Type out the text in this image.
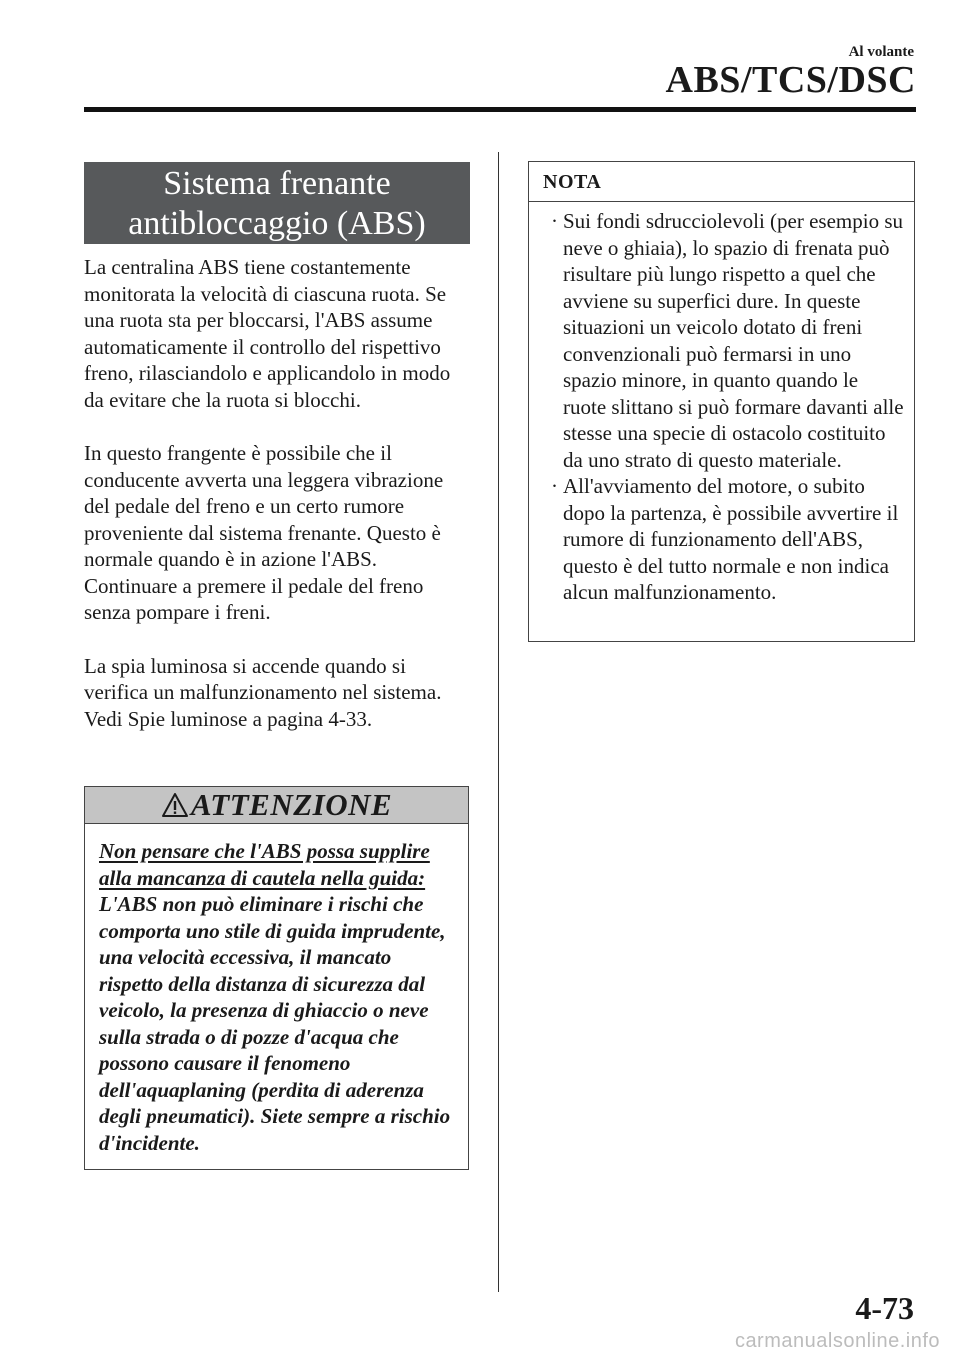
Al volante
ABS/TCS/DSC
Sistema frenante
antibloccaggio (ABS)

La centralina ABS tiene costantemente monitorata la velocità di ciascuna ruota. Se una ruota sta per bloccarsi, l'ABS assume automaticamente il controllo del rispettivo freno, rilasciandolo e applicandolo in modo da evitare che la ruota si blocchi.

In questo frangente è possibile che il conducente avverta una leggera vibrazione del pedale del freno e un certo rumore proveniente dal sistema frenante. Questo è normale quando è in azione l'ABS. Continuare a premere il pedale del freno senza pompare i freni.

La spia luminosa si accende quando si verifica un malfunzionamento nel sistema. Vedi Spie luminose a pagina 4-33.

ATTENZIONE
Non pensare che l'ABS possa supplire alla mancanza di cautela nella guida: L'ABS non può eliminare i rischi che comporta uno stile di guida imprudente, una velocità eccessiva, il mancato rispetto della distanza di sicurezza dal veicolo, la presenza di ghiaccio o neve sulla strada o di pozze d'acqua che possono causare il fenomeno dell'aquaplaning (perdita di aderenza degli pneumatici). Siete sempre a rischio d'incidente.
NOTA
· Sui fondi sdrucciolevoli (per esempio su neve o ghiaia), lo spazio di frenata può risultare più lungo rispetto a quel che avviene su superfici dure. In queste situazioni un veicolo dotato di freni convenzionali può fermarsi in uno spazio minore, in quanto quando le ruote slittano si può formare davanti alle stesse una specie di ostacolo costituito da uno strato di questo materiale.
· All'avviamento del motore, o subito dopo la partenza, è possibile avvertire il rumore di funzionamento dell'ABS, questo è del tutto normale e non indica alcun malfunzionamento.
4-73
carmanualsonline.info
